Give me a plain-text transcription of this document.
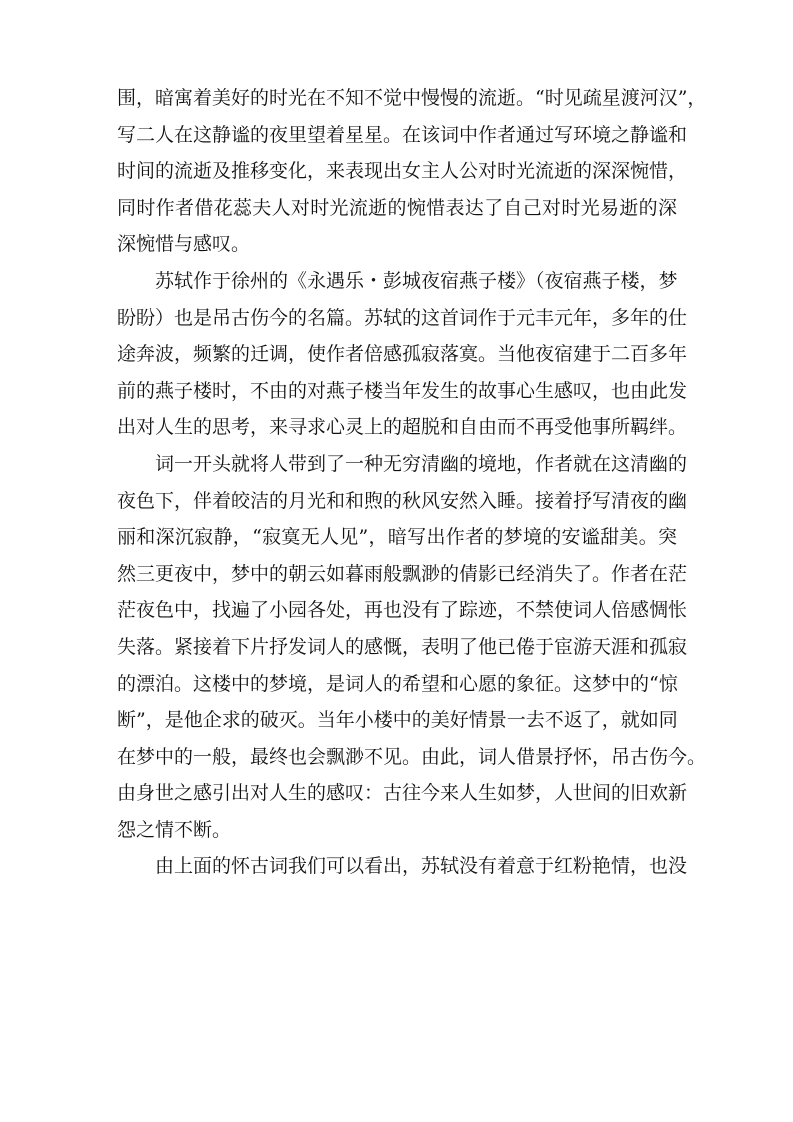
围，暗寓着美好的时光在不知不觉中慢慢的流逝。“时见疏星渡河汉”，
写二人在这静谧的夜里望着星星。在该词中作者通过写环境之静谧和
时间的流逝及推移变化，来表现出女主人公对时光流逝的深深惋惜，
同时作者借花蕊夫人对时光流逝的惋惜表达了自己对时光易逝的深
深惋惜与感叹。
苏轼作于徐州的《永遇乐・彭城夜宿燕子楼》（夜宿燕子楼，梦
盼盼）也是吊古伤今的名篇。苏轼的这首词作于元丰元年，多年的仕
途奔波，频繁的迁调，使作者倍感孤寂落寞。当他夜宿建于二百多年
前的燕子楼时，不由的对燕子楼当年发生的故事心生感叹，也由此发
出对人生的思考，来寻求心灵上的超脱和自由而不再受他事所羁绊。
词一开头就将人带到了一种无穷清幽的境地，作者就在这清幽的
夜色下，伴着皎洁的月光和和煦的秋风安然入睡。接着抒写清夜的幽
丽和深沉寂静，“寂寞无人见”，暗写出作者的梦境的安谧甜美。突
然三更夜中，梦中的朝云如暮雨般飘渺的倩影已经消失了。作者在茫
茫夜色中，找遍了小园各处，再也没有了踪迹，不禁使词人倍感惆怅
失落。紧接着下片抒发词人的感慨，表明了他已倦于宦游天涯和孤寂
的漂泊。这楼中的梦境，是词人的希望和心愿的象征。这梦中的“惊
断”，是他企求的破灭。当年小楼中的美好情景一去不返了，就如同
在梦中的一般，最终也会飘渺不见。由此，词人借景抒怀，吊古伤今。
由身世之感引出对人生的感叹：古往今来人生如梦，人世间的旧欢新
怨之情不断。
由上面的怀古词我们可以看出，苏轼没有着意于红粉艳情，也没
